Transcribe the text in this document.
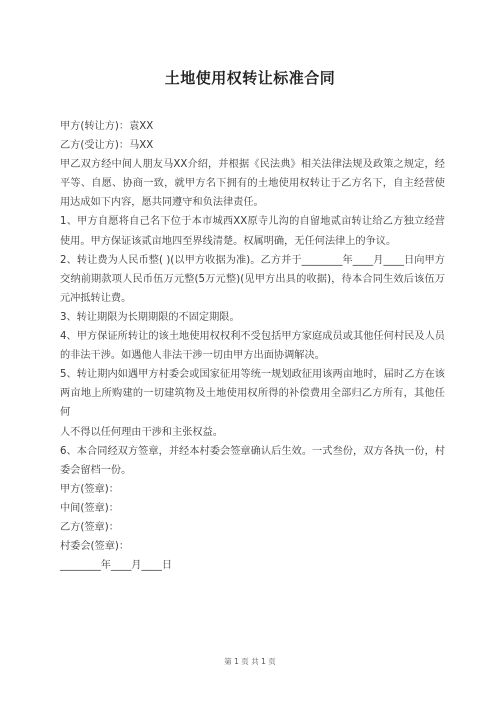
土地使用权转让标准合同

甲方(转让方)：袁XX

乙方(受让方)：马XX

甲乙双方经中间人朋友马XX介绍，并根据《民法典》相关法律法规及政策之规定，经平等、自愿、协商一致，就甲方名下拥有的土地使用权转让于乙方名下，自主经营使用达成如下内容，愿共同遵守和负法律责任。

1、甲方自愿将自己名下位于本市城西XX原寺儿沟的自留地贰亩转让给乙方独立经营使用。甲方保证该贰亩地四至界线清楚。权属明确，无任何法律上的争议。

2、转让费为人民币整( )(以甲方收据为准)。乙方并于________年____月____日向甲方交纳前期款项人民币伍万元整(5万元整)(见甲方出具的收据)，待本合同生效后该伍万元冲抵转让费。

3、转让期限为长期期限的不固定期限。

4、甲方保证所转让的该土地使用权权利不受包括甲方家庭成员或其他任何村民及人员的非法干涉。如遇他人非法干涉一切由甲方出面协调解决。

5、转让期内如遇甲方村委会或国家征用等统一规划政征用该两亩地时，届时乙方在该两亩地上所购建的一切建筑物及土地使用权所得的补偿费用全部归乙方所有，其他任何

人不得以任何理由干涉和主张权益。

6、本合同经双方签章，并经本村委会签章确认后生效。一式叁份，双方各执一份，村委会留档一份。

甲方(签章)：

中间(签章)：

乙方(签章)：

村委会(签章)：

________年____月____日

第 1 页 共 1 页
